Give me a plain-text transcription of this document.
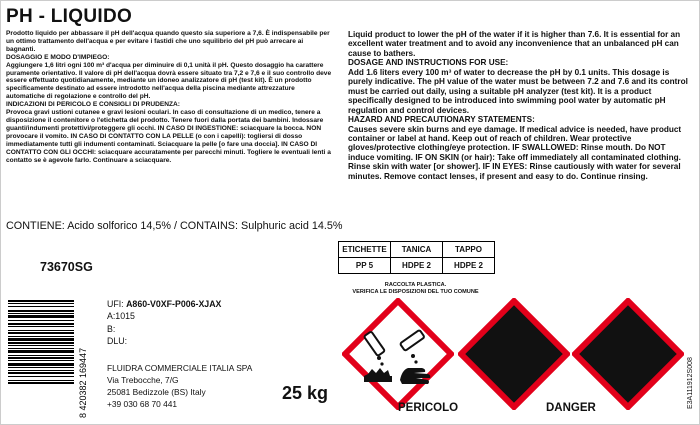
PH - LIQUIDO

Prodotto liquido per abbassare il pH dell'acqua quando questo sia superiore a 7,6. È indispensabile per un ottimo trattamento dell'acqua e per evitare i fastidi che uno squilibrio del pH può arrecare ai bagnanti.

DOSAGGIO E MODO D'IMPIEGO:

Aggiungere 1,6 litri ogni 100 m³ d'acqua per diminuire di 0,1 unità il pH. Questo dosaggio ha carattere puramente orientativo. Il valore di pH dell'acqua dovrà essere situato tra 7,2 e 7,6 e il suo controllo deve essere effettuato quotidianamente, mediante un idoneo analizzatore di pH (test kit). È un prodotto specificamente destinato ad essere introdotto nell'acqua della piscina mediante attrezzature automatiche di regolazione e controllo del pH.

INDICAZIONI DI PERICOLO E CONSIGLI DI PRUDENZA:

Provoca gravi ustioni cutanee e gravi lesioni oculari. In caso di consultazione di un medico, tenere a disposizione il contenitore o l'etichetta del prodotto. Tenere fuori dalla portata dei bambini. Indossare guanti/indumenti protettivi/proteggere gli occhi. IN CASO DI INGESTIONE: sciacquare la bocca. NON provocare il vomito. IN CASO DI CONTATTO CON LA PELLE (o con i capelli): togliersi di dosso immediatamente tutti gli indumenti contaminati. Sciacquare la pelle [o fare una doccia]. IN CASO DI CONTATTO CON GLI OCCHI: sciacquare accuratamente per parecchi minuti. Togliere le eventuali lenti a contatto se è agevole farlo. Continuare a sciacquare.

Liquid product to lower the pH of the water if it is higher than 7.6. It is essential for an excellent water treatment and to avoid any inconvenience that an unbalanced pH can cause to bathers.

DOSAGE AND INSTRUCTIONS FOR USE:

Add 1.6 liters every 100 m³ of water to decrease the pH by 0.1 units. This dosage is purely indicative. The pH value of the water must be between 7.2 and 7.6 and its control must be carried out daily, using a suitable pH analyzer (test kit). It is a product specifically designed to be introduced into swimming pool water by automatic pH regulation and control devices.

HAZARD AND PRECAUTIONARY STATEMENTS:

Causes severe skin burns and eye damage. If medical advice is needed, have product container or label at hand. Keep out of reach of children. Wear protective gloves/protective clothing/eye protection. IF SWALLOWED: Rinse mouth. Do NOT induce vomiting. IF ON SKIN (or hair): Take off immediately all contaminated clothing. Rinse skin with water [or shower]. IF IN EYES: Rinse cautiously with water for several minutes. Remove contact lenses, if present and easy to do. Continue rinsing.

CONTIENE: Acido solforico 14,5% / CONTAINS: Sulphuric acid 14.5%
73670SG
ETICHETTE	TANICA	TAPPO
PP 5	HDPE 2	HDPE 2
RACCOLTA PLASTICA.
VERIFICA LE DISPOSIZIONI DEL TUO COMUNE
8 420382 169447
UFI: A860-V0XF-P006-XJAX
A:1015
B:
DLU:
FLUIDRA COMMERCIALE ITALIA SPA
Via Trebocche, 7/G
25081 Bedizzole (BS) Italy
+39 030 68 70 441
25 kg
PERICOLO	DANGER	E3A111912S008
